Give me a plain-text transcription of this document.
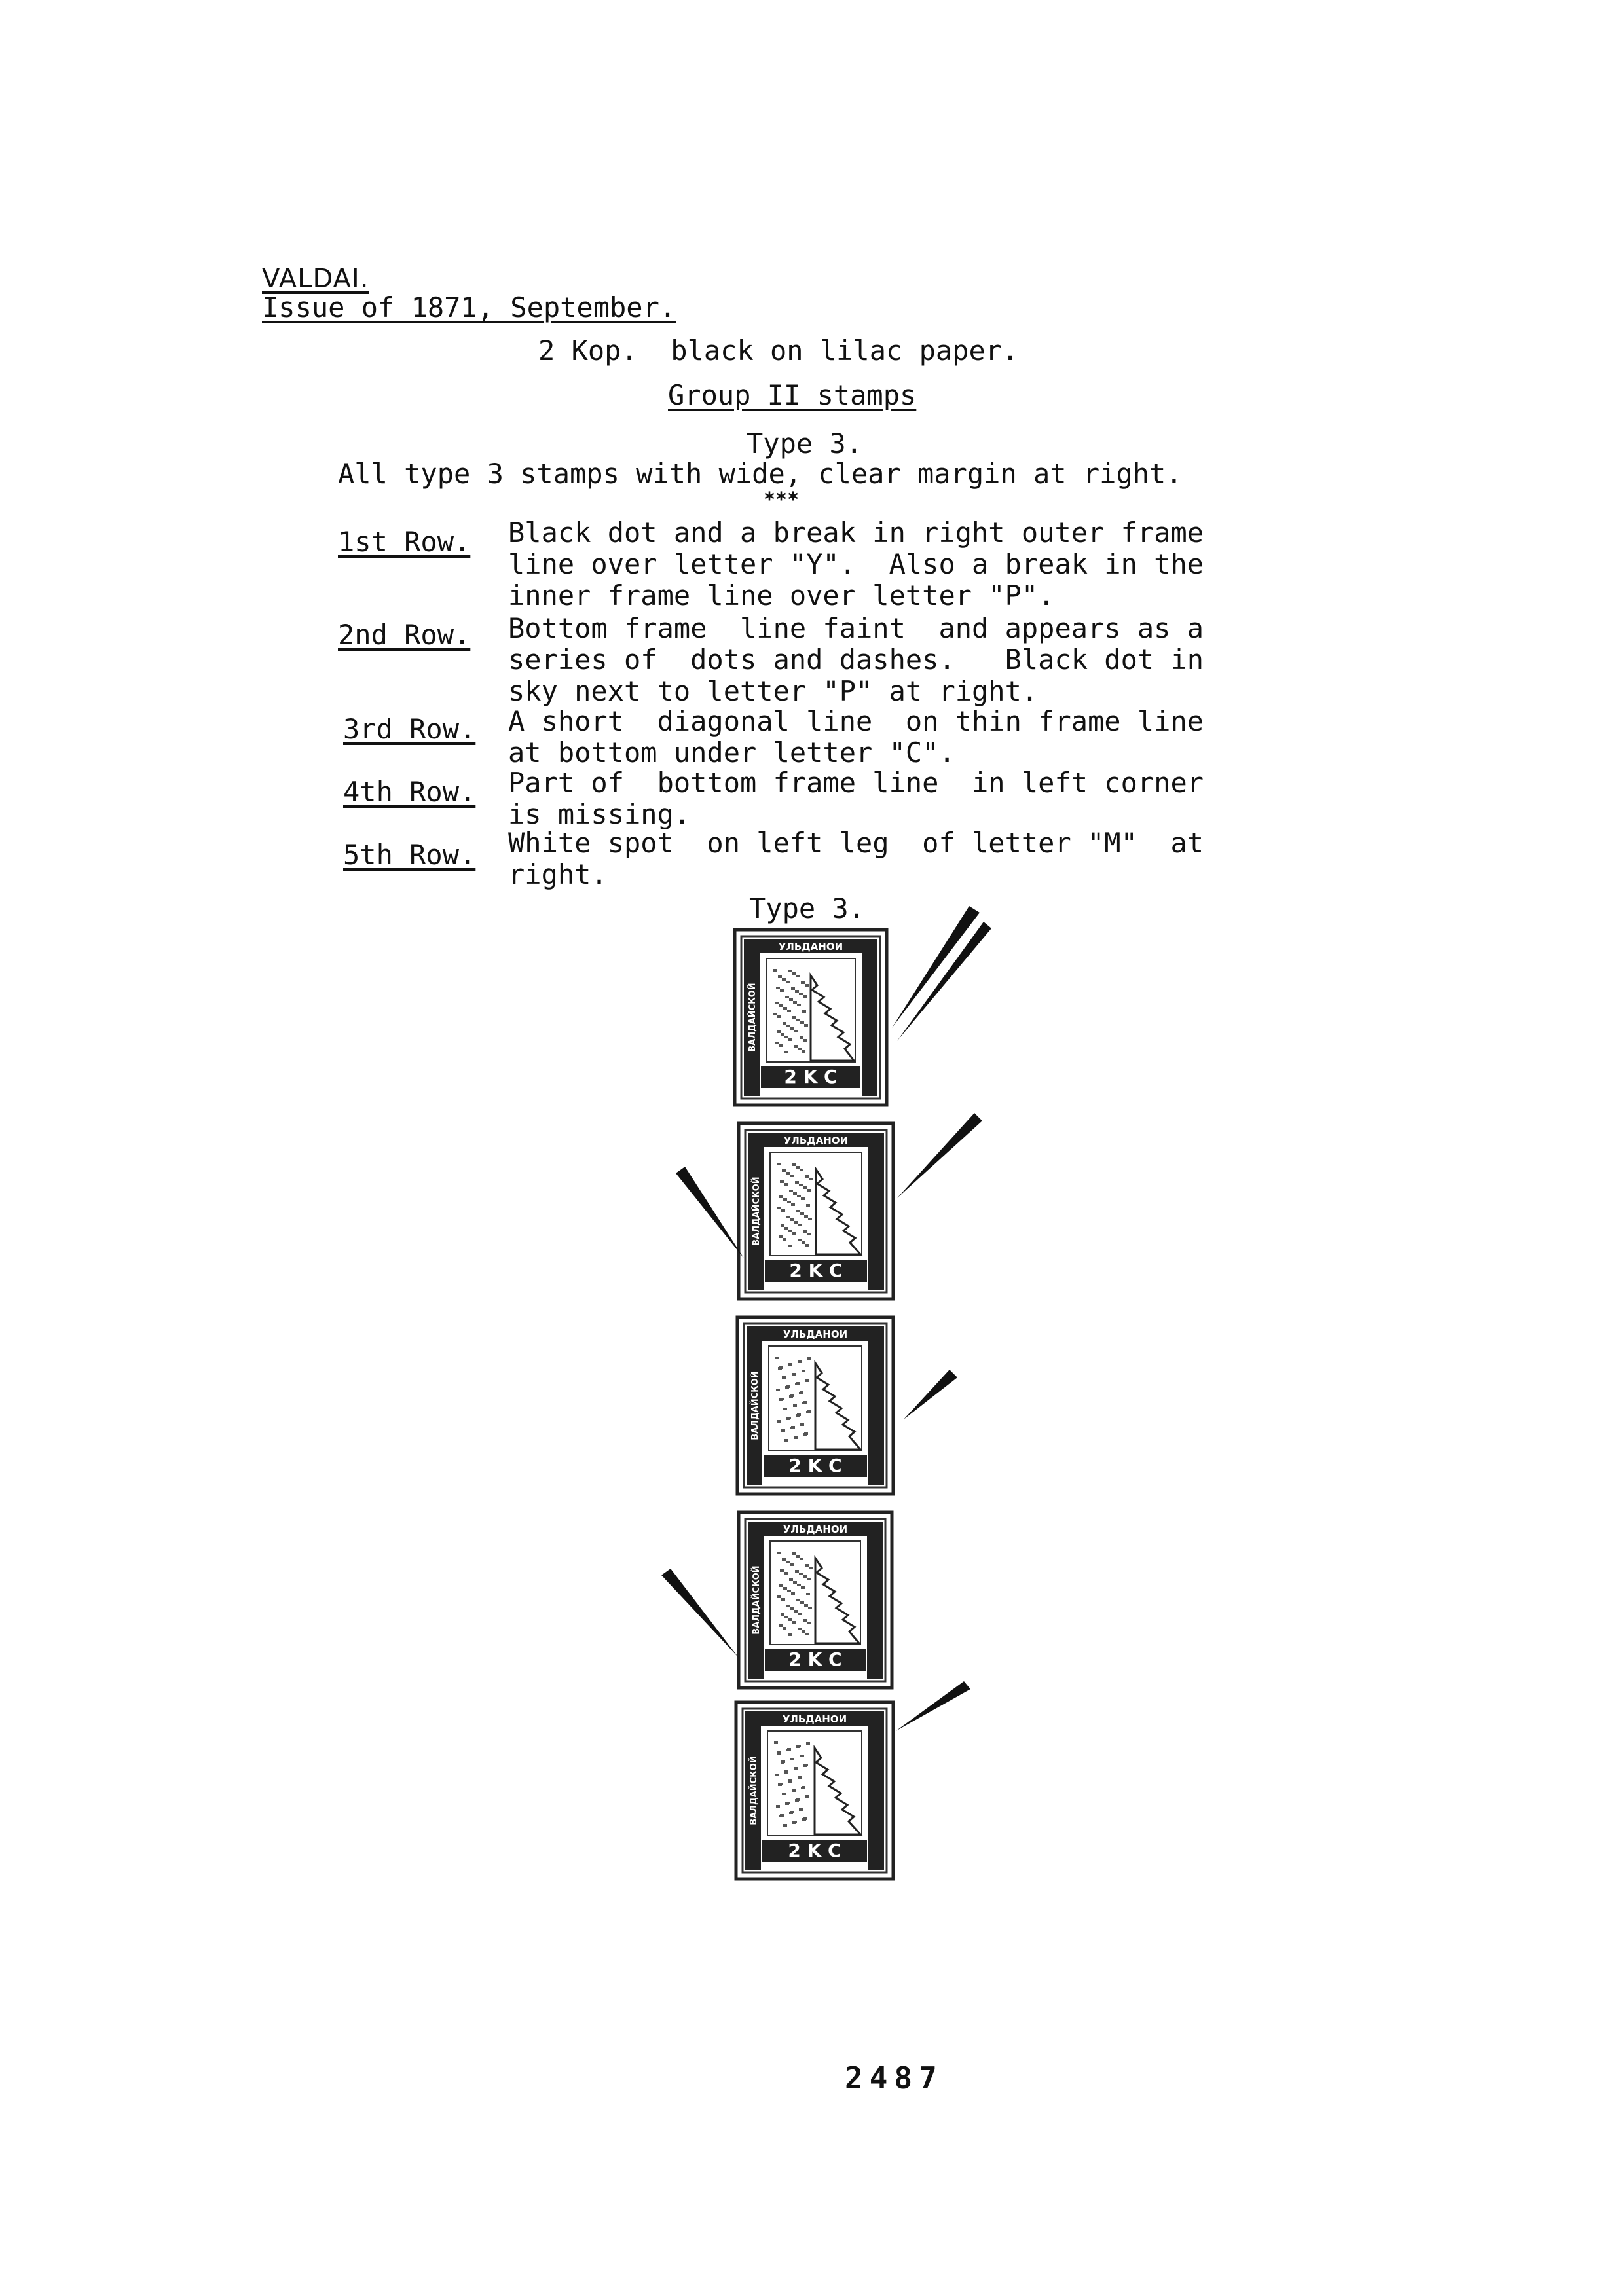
VALDAI.
Issue of 1871, September.
2 Kop.  black on lilac paper.
Group II stamps
Type 3.
All type 3 stamps with wide, clear margin at right.
***
1st Row. Black dot and a break in right outer frame
line over letter "Y".  Also a break in the
inner frame line over letter "P".
2nd Row. Bottom frame  line faint  and appears as a
series of  dots and dashes.   Black dot in
sky next to letter "P" at right.
3rd Row. A short  diagonal line  on thin frame line
at bottom under letter "C".
4th Row. Part of  bottom frame line  in left corner
is missing.
5th Row. White spot  on left leg  of letter "M"  at
right.
Type 3.
УЛЬДАНОИ
ВАЛДАЙСКОЙ
2 K C
УЛЬДАНОИ
ВАЛДАЙСКОЙ
2 K C
УЛЬДАНОИ
ВАЛДАЙСКОЙ
2 K C
УЛЬДАНОИ
ВАЛДАЙСКОЙ
2 K C
УЛЬДАНОИ
ВАЛДАЙСКОЙ
2 K C
2487
